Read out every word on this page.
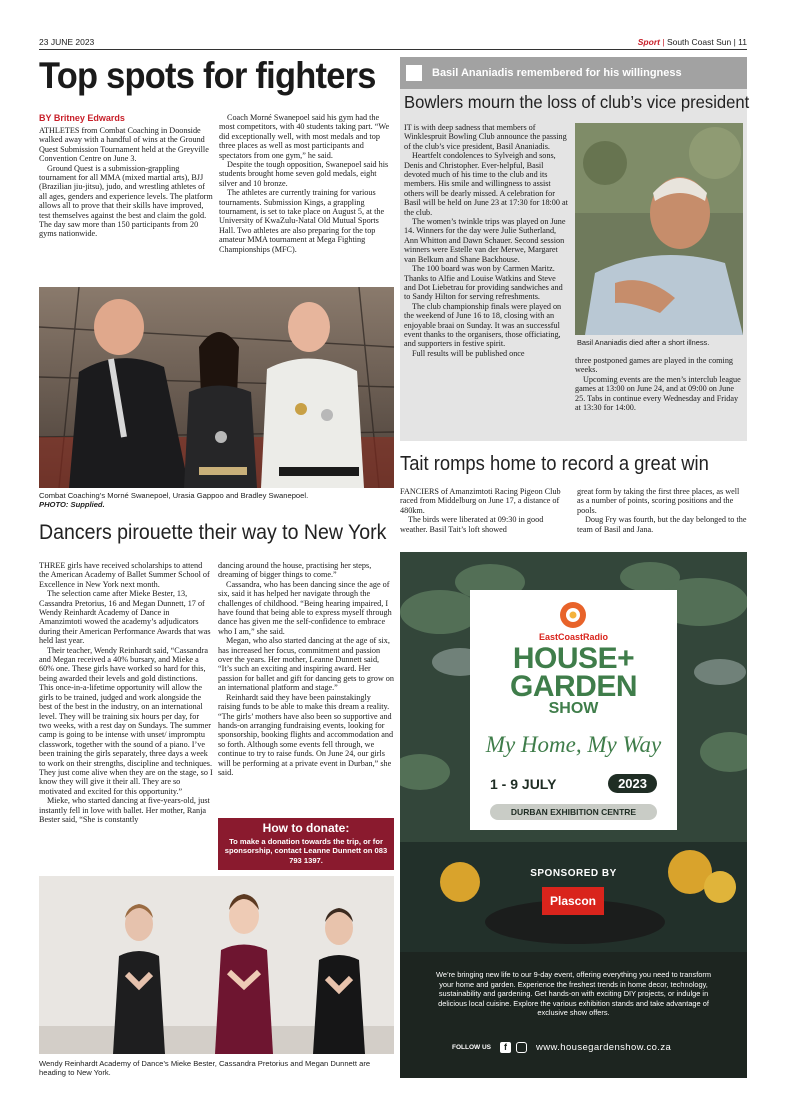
23 JUNE 2023	Sport | South Coast Sun | 11
Top spots for fighters
BY Britney Edwards

ATHLETES from Combat Coaching in Doonside walked away with a handful of wins at the Ground Quest Submission Tournament held at the Greyville Convention Centre on June 3.

Ground Quest is a submission-grappling tournament for all MMA (mixed martial arts), BJJ (Brazilian jiu-jitsu), judo, and wrestling athletes of all ages, genders and experience levels. The platform allows all to prove that their skills have improved, test themselves against the best and claim the gold. The day saw more than 150 participants from 20 gyms nationwide.

Coach Morné Swanepoel said his gym had the most competitors, with 40 students taking part. “We did exceptionally well, with most medals and top three places as well as most participants and spectators from one gym,” he said.

Despite the tough opposition, Swanepoel said his students brought home seven gold medals, eight silver and 10 bronze.

The athletes are currently training for various tournaments. Submission Kings, a grappling tournament, is set to take place on August 5, at the University of KwaZulu-Natal Old Mutual Sports Hall. Two athletes are also preparing for the top amateur MMA tournament at Mega Fighting Championships (MFC).

Combat Coaching’s Morné Swanepoel, Urasia Gappoo and Bradley Swanepoel.
PHOTO: Supplied.
Basil Ananiadis remembered for his willingness
Bowlers mourn the loss of club’s vice president

IT is with deep sadness that members of Winklespruit Bowling Club announce the passing of the club’s vice president, Basil Ananiadis.

Heartfelt condolences to Sylveigh and sons, Denis and Christopher. Ever-helpful, Basil devoted much of his time to the club and its members. His smile and willingness to assist others will be dearly missed. A celebration for Basil will be held on June 23 at 17:30 for 18:00 at the club.

The women’s twinkle trips was played on June 14. Winners for the day were Julie Sutherland, Ann Whitton and Dawn Schauer. Second session winners were Estelle van der Merwe, Margaret van Belkum and Shane Backhouse.

The 100 board was won by Carmen Maritz. Thanks to Alfie and Louise Watkins and Steve and Dot Liebetrau for providing sandwiches and to Sandy Hilton for serving refreshments.

The club championship finals were played on the weekend of June 16 to 18, closing with an enjoyable braai on Sunday. It was an successful event thanks to the organisers, those officiating, and supporters in festive spirit.

Full results will be published once

Basil Ananiadis died after a short illness.

three postponed games are played in the coming weeks.

Upcoming events are the men’s interclub league games at 13:00 on June 24, and at 09:00 on June 25. Tabs in continue every Wednesday and Friday at 13:30 for 14:00.

Tait romps home to record a great win

FANCIERS of Amanzimtoti Racing Pigeon Club raced from Middelburg on June 17, a distance of 480km.

The birds were liberated at 09:30 in good weather. Basil Tait’s loft showed

great form by taking the first three places, as well as a number of points, scoring positions and the pools.

Doug Fry was fourth, but the day belonged to the team of Basil and Jana.

Dancers pirouette their way to New York

THREE girls have received scholarships to attend the American Academy of Ballet Summer School of Excellence in New York next month.

The selection came after Mieke Bester, 13, Cassandra Pretorius, 16 and Megan Dunnett, 17 of Wendy Reinhardt Academy of Dance in Amanzimtoti wowed the academy’s adjudicators during their American Performance Awards that was held last year.

Their teacher, Wendy Reinhardt said, “Cassandra and Megan received a 40% bursary, and Mieke a 60% one. These girls have worked so hard for this, being awarded their levels and gold distinctions. This once-in-a-lifetime opportunity will allow the girls to be trained, judged and work alongside the best of the best in the industry, on an international level. They will be training six hours per day, for two weeks, with a rest day on Sundays. The summer camp is going to be intense with unset/ impromptu classwork, together with the sound of a piano. I’ve been training the girls separately, three days a week to work on their strengths, discipline and techniques. They just come alive when they are on the stage, so I know they will give it their all. They are so motivated and excited for this opportunity.”

Mieke, who started dancing at five-years-old, just instantly fell in love with ballet. Her mother, Ranja Bester said, “She is constantly

dancing around the house, practising her steps, dreaming of bigger things to come.”

Cassandra, who has been dancing since the age of six, said it has helped her navigate through the challenges of childhood. “Being hearing impaired, I have found that being able to express myself through dance has given me the self-confidence to embrace who I am,” she said.

Megan, who also started dancing at the age of six, has increased her focus, commitment and passion over the years. Her mother, Leanne Dunnett said, “It’s such an exciting and inspiring award. Her passion for ballet and gift for dancing gets to grow on an international platform and stage.”

Reinhardt said they have been painstakingly raising funds to be able to make this dream a reality. “The girls’ mothers have also been so supportive and hands-on arranging fundraising events, looking for sponsorship, booking flights and accommodation and so forth. Although some events fell through, we continue to try to raise funds. On June 24, our girls will be performing at a private event in Durban,” she said.

How to donate:
To make a donation towards the trip, or for sponsorship, contact Leanne Dunnett on 083 793 1397.
Wendy Reinhardt Academy of Dance’s Mieke Bester, Cassandra Pretorius and Megan Dunnett are heading to New York.
EastCoastRadio
HOUSE+
GARDEN
SHOW
My Home, My Way
1 - 9 JULY	2023
DURBAN EXHIBITION CENTRE
SPONSORED BY
Plascon
We’re bringing new life to our 9-day event, offering everything you need to transform your home and garden. Experience the freshest trends in home decor, technology, sustainability and gardening. Get hands-on with exciting DIY projects, or indulge in delicious local cuisine. Explore the various exhibition stands and take advantage of exclusive show offers.
FOLLOW US	f	www.housegardenshow.co.za
